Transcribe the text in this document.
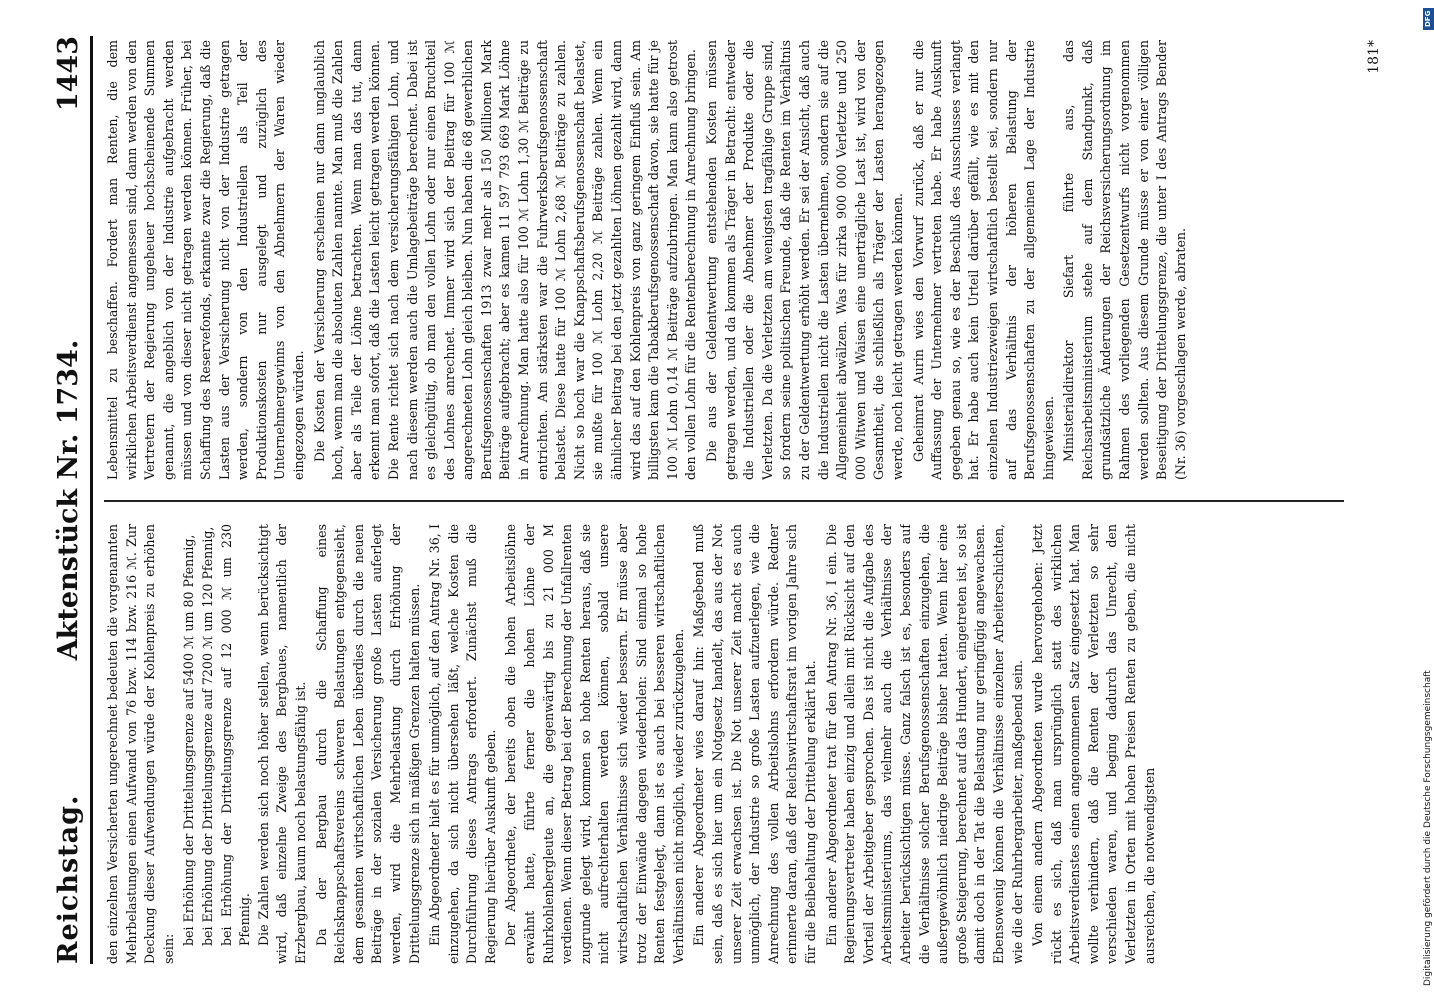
Reichstag.
Aktenstück Nr. 1734.
1443

den einzelnen Versicherten ungerechnet bedeuten die vorgenannten Mehrbelastungen einen Aufwand von 76 bzw. 114 bzw. 216 ℳ. Zur Deckung dieser Aufwendungen würde der Kohlenpreis zu erhöhen sein:

bei Erhöhung der Drittelungsgrenze auf 5400 ℳ um 80 Pfennig, bei Erhöhung der Drittelungsgrenze auf 7200 ℳ um 120 Pfennig, bei Erhöhung der Drittelungsgrenze auf 12 000 ℳ um 230 Pfennig. Die Zahlen werden sich noch höher stellen, wenn berücksichtigt wird, daß einzelne Zweige des Bergbaues, namentlich der Erzbergbau, kaum noch belastungsfähig ist. Da der Bergbau durch die Schaffung eines Reichsknappschaftsvereins schweren Belastungen entgegensieht, dem gesamten wirtschaftlichen Leben überdies durch die neuen Beiträge in der sozialen Versicherung große Lasten auferlegt werden, wird die Mehrbelastung durch Erhöhung der Drittelungsgrenze sich in mäßigen Grenzen halten müssen. Ein Abgeordneter hielt es für unmöglich, auf den Antrag Nr. 36, I einzugehen, da sich nicht übersehen läßt, welche Kosten die Durchführung dieses Antrags erfordert. Zunächst muß die Regierung hierüber Auskunft geben. Der Abgeordnete, der bereits oben die hohen Arbeitslöhne erwähnt hatte, führte ferner die hohen Löhne der Ruhrkohlenbergleute an, die gegenwärtig bis zu 21 000 M verdienen. Wenn dieser Betrag bei der Berechnung der Unfallrenten zugrunde gelegt wird, kommen so hohe Renten heraus, daß sie nicht aufrechterhalten werden können, sobald unsere wirtschaftlichen Verhältnisse sich wieder bessern. Er müsse aber trotz der Einwände dagegen wiederholen: Sind einmal so hohe Renten festgelegt, dann ist es auch bei besseren wirtschaftlichen Verhältnissen nicht möglich, wieder zurückzugehen. Ein anderer Abgeordneter wies darauf hin: Maßgebend muß sein, daß es sich hier um ein Notgesetz handelt, das aus der Not unserer Zeit erwachsen ist. Die Not unserer Zeit macht es auch unmöglich, der Industrie so große Lasten aufzuerlegen, wie die Anrechnung des vollen Arbeitslohns erfordern würde. Redner erinnerte daran, daß der Reichswirtschaftsrat im vorigen Jahre sich für die Beibehaltung der Drittelung erklärt hat. Ein anderer Abgeordneter trat für den Antrag Nr. 36, I ein. Die Regierungsvertreter haben einzig und allein mit Rücksicht auf den Vorteil der Arbeitgeber gesprochen. Das ist nicht die Aufgabe des Arbeitsministeriums, das vielmehr auch die Verhältnisse der Arbeiter berücksichtigen müsse. Ganz falsch ist es, besonders auf die Verhältnisse solcher Berufsgenossenschaften einzugehen, die außergewöhnlich niedrige Beiträge bisher hatten. Wenn hier eine große Steigerung, berechnet auf das Hundert, eingetreten ist, so ist damit doch in der Tat die Belastung nur geringfügig angewachsen. Ebensowenig können die Verhältnisse einzelner Arbeiterschichten, wie die der Ruhrbergarbeiter, maßgebend sein. Von einem andern Abgeordneten wurde hervorgehoben: Jetzt rückt es sich, daß man ursprünglich statt des wirklichen Arbeitsverdienstes einen angenommenen Satz eingesetzt hat. Man wollte verhindern, daß die Renten der Verletzten so sehr verschieden waren, und beging dadurch das Unrecht, den Verletzten in Orten mit hohen Preisen Renten zu geben, die nicht ausreichen, die notwendigsten

Lebensmittel zu beschaffen. Fordert man Renten, die dem wirklichen Arbeitsverdienst angemessen sind, dann werden von den Vertretern der Regierung ungeheuer hochscheinende Summen genannt, die angeblich von der Industrie aufgebracht werden müssen und von dieser nicht getragen werden können. Früher, bei Schaffung des Reservefonds, erkannte zwar die Regierung, daß die Lasten aus der Versicherung nicht von der Industrie getragen werden, sondern von den Industriellen als Teil der Produktionskosten nur ausgelegt und zuzüglich des Unternehmergewinns von den Abnehmern der Waren wieder eingezogen würden. Die Kosten der Versicherung erscheinen nur dann unglaublich hoch, wenn man die absoluten Zahlen nannte. Man muß die Zahlen aber als Teile der Löhne betrachten. Wenn man das tut, dann erkennt man sofort, daß die Lasten leicht getragen werden können. Die Rente richtet sich nach dem versicherungsfähigen Lohn, und nach diesem werden auch die Umlagebeiträge berechnet. Dabei ist es gleichgültig, ob man den vollen Lohn oder nur einen Bruchteil des Lohnes anrechnet. Immer wird sich der Beitrag für 100 ℳ angerechneten Lohn gleich bleiben. Nun haben die 68 gewerblichen Berufsgenossenschaften 1913 zwar mehr als 150 Millionen Mark Beiträge aufgebracht; aber es kamen 11 597 793 669 Mark Löhne in Anrechnung. Man hatte also für 100 ℳ Lohn 1,30 ℳ Beiträge zu entrichten. Am stärksten war die Fuhrwerksberufsgenossenschaft belastet. Diese hatte für 100 ℳ Lohn 2,68 ℳ Beiträge zu zahlen. Nicht so hoch war die Knappschaftsberufsgenossenschaft belastet, sie mußte für 100 ℳ Lohn 2,20 ℳ Beiträge zahlen. Wenn ein ähnlicher Beitrag bei den jetzt gezahlten Löhnen gezahlt wird, dann wird das auf den Kohlenpreis von ganz geringem Einfluß sein. Am billigsten kam die Tabakberufsgenossenschaft davon, sie hatte für je 100 ℳ Lohn 0,14 ℳ Beiträge aufzubringen. Man kann also getrost den vollen Lohn für die Rentenberechnung in Anrechnung bringen. Die aus der Geldentwertung entstehenden Kosten müssen getragen werden, und da kommen als Träger in Betracht: entweder die Industriellen oder die Abnehmer der Produkte oder die Verletzten. Da die Verletzten am wenigsten tragfähige Gruppe sind, so fordern seine politischen Freunde, daß die Renten im Verhältnis zu der Geldentwertung erhöht werden. Er sei der Ansicht, daß auch die Industriellen nicht die Lasten übernehmen, sondern sie auf die Allgemeinheit abwälzen. Was für zirka 900 000 Verletzte und 250 000 Witwen und Waisen eine unerträgliche Last ist, wird von der Gesamtheit, die schließlich als Träger der Lasten herangezogen werde, noch leicht getragen werden können. Geheimrat Aurin wies den Vorwurf zurück, daß er nur die Auffassung der Unternehmer vertreten habe. Er habe Auskunft gegeben genau so, wie es der Beschluß des Ausschusses verlangt hat. Er habe auch kein Urteil darüber gefällt, wie es mit den einzelnen Industriezweigen wirtschaftlich bestellt sei, sondern nur auf das Verhältnis der höheren Belastung der Berufsgenossenschaften zu der allgemeinen Lage der Industrie hingewiesen. Ministerialdirektor Siefart führte aus, das Reichsarbeitsministerium stehe auf dem Standpunkt, daß grundsätzliche Änderungen der Reichsversicherungsordnung im Rahmen des vorliegenden Gesetzentwurfs nicht vorgenommen werden sollten. Aus diesem Grunde müsse er von einer völligen Beseitigung der Drittelungsgrenze, die unter I des Antrags Bender (Nr. 36) vorgeschlagen werde, abraten.

181*
DFG
Digitalisierung gefördert durch die Deutsche Forschungsgemeinschaft
